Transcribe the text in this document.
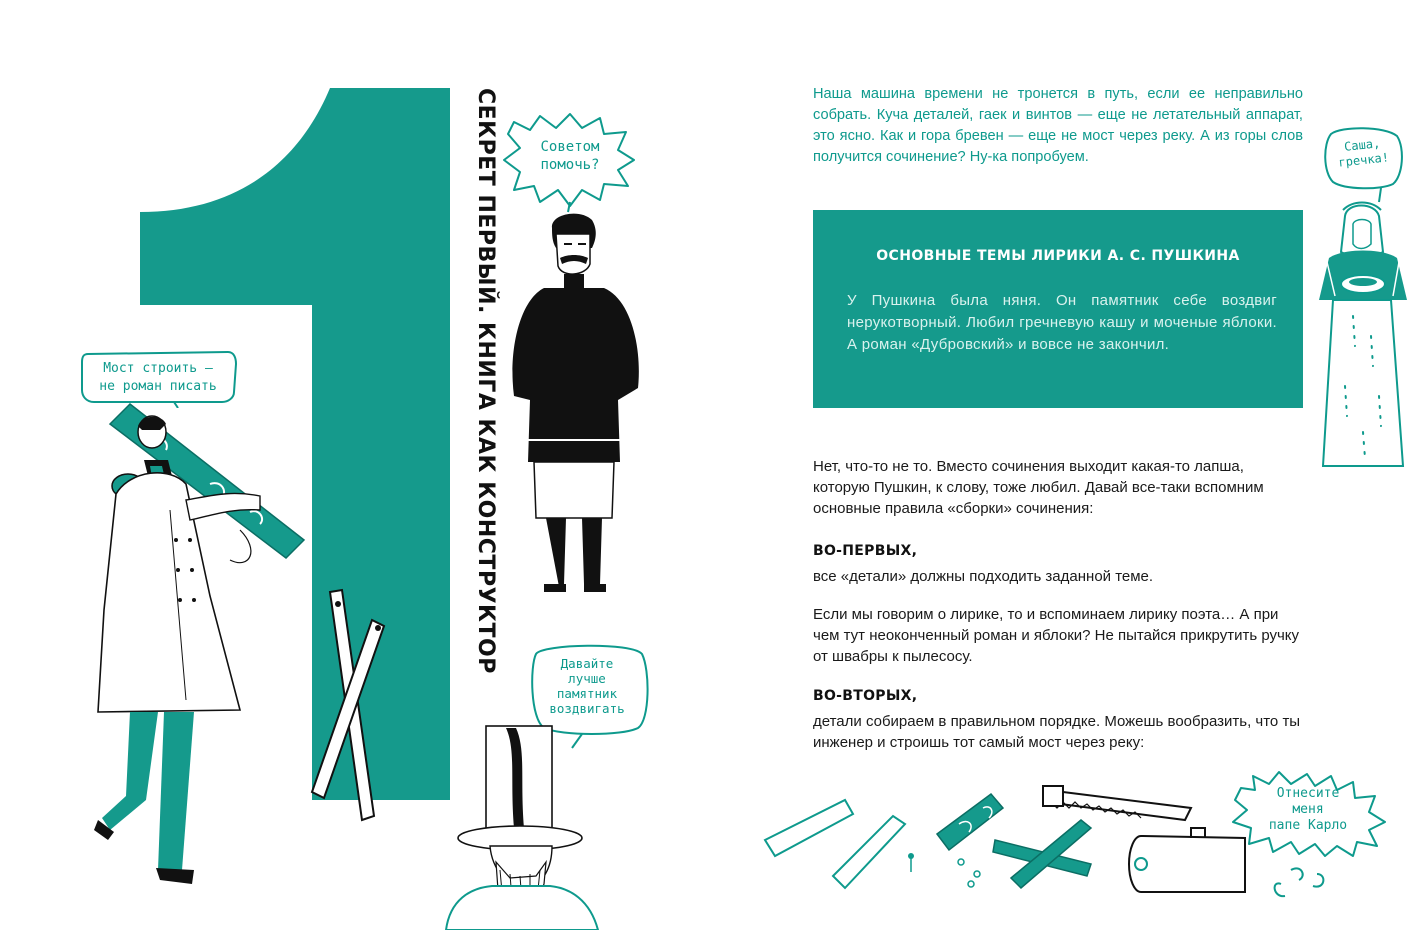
СЕКРЕТ ПЕРВЫЙ. КНИГА КАК КОНСТРУКТОР	Советом
помочь?
Мост строить —
не роман писать
Давайте
лучше
памятник
воздвигать
Наша машина времени не тронется в путь, если ее неправильно собрать. Куча деталей, гаек и винтов — еще не летательный аппарат, это ясно. Как и гора бревен — еще не мост через реку. А из горы слов получится сочинение? Ну-ка попробуем.
ОСНОВНЫЕ ТЕМЫ ЛИРИКИ А. С. ПУШКИНА
У Пушкина была няня. Он памятник себе воздвиг нерукотворный. Любил гречневую кашу и моченые яблоки. А роман «Дубровский» и вовсе не закончил.
Нет, что-то не то. Вместо сочинения выходит какая-то лапша, которую Пушкин, к слову, тоже любил. Давай все-таки вспомним основные правила «сборки» сочинения:
ВО-ПЕРВЫХ,
все «детали» должны подходить заданной теме.
Если мы говорим о лирике, то и вспоминаем лирику поэта… А при чем тут неоконченный роман и яблоки? Не пытайся прикрутить ручку от швабры к пылесосу.
ВО-ВТОРЫХ,
детали собираем в правильном порядке. Можешь вообразить, что ты инженер и строишь тот самый мост через реку:
Саша,
гречка!
Отнесите
меня
папе Карло
